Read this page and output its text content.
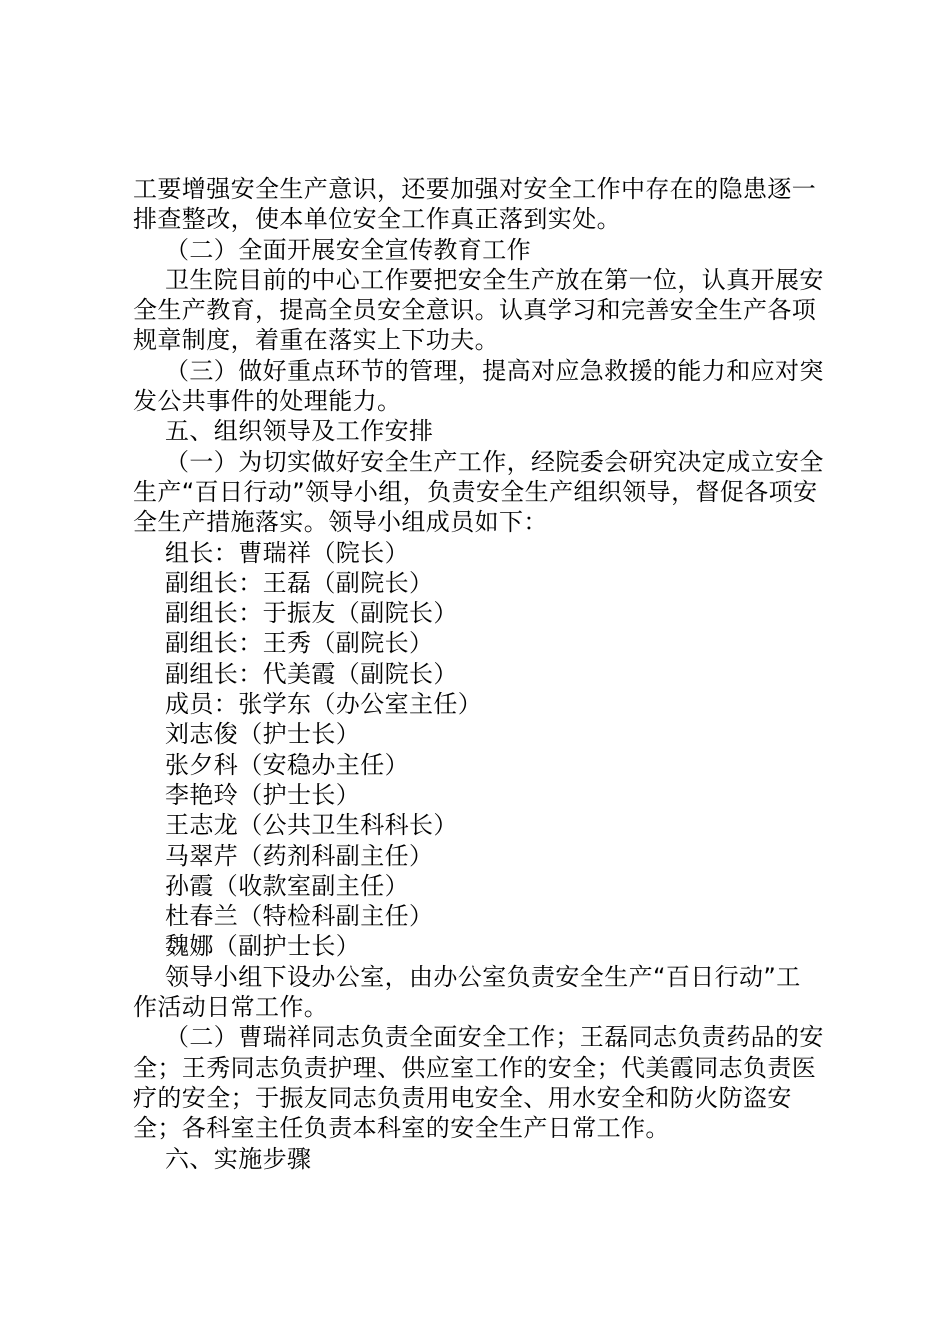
工要增强安全生产意识，还要加强对安全工作中存在的隐患逐一排查整改，使本单位安全工作真正落到实处。

（二）全面开展安全宣传教育工作

卫生院目前的中心工作要把安全生产放在第一位，认真开展安全生产教育，提高全员安全意识。认真学习和完善安全生产各项规章制度，着重在落实上下功夫。

（三）做好重点环节的管理，提高对应急救援的能力和应对突发公共事件的处理能力。

五、组织领导及工作安排

（一）为切实做好安全生产工作，经院委会研究决定成立安全生产“百日行动”领导小组，负责安全生产组织领导，督促各项安全生产措施落实。领导小组成员如下：

组长：曹瑞祥（院长）

副组长：王磊（副院长）

副组长：于振友（副院长）

副组长：王秀（副院长）

副组长：代美霞（副院长）

成员：张学东（办公室主任）

刘志俊（护士长）

张夕科（安稳办主任）

李艳玲（护士长）

王志龙（公共卫生科科长）

马翠芹（药剂科副主任）

孙霞（收款室副主任）

杜春兰（特检科副主任）

魏娜（副护士长）

领导小组下设办公室，由办公室负责安全生产“百日行动”工作活动日常工作。

（二）曹瑞祥同志负责全面安全工作；王磊同志负责药品的安全；王秀同志负责护理、供应室工作的安全；代美霞同志负责医疗的安全；于振友同志负责用电安全、用水安全和防火防盗安全；各科室主任负责本科室的安全生产日常工作。

六、实施步骤
